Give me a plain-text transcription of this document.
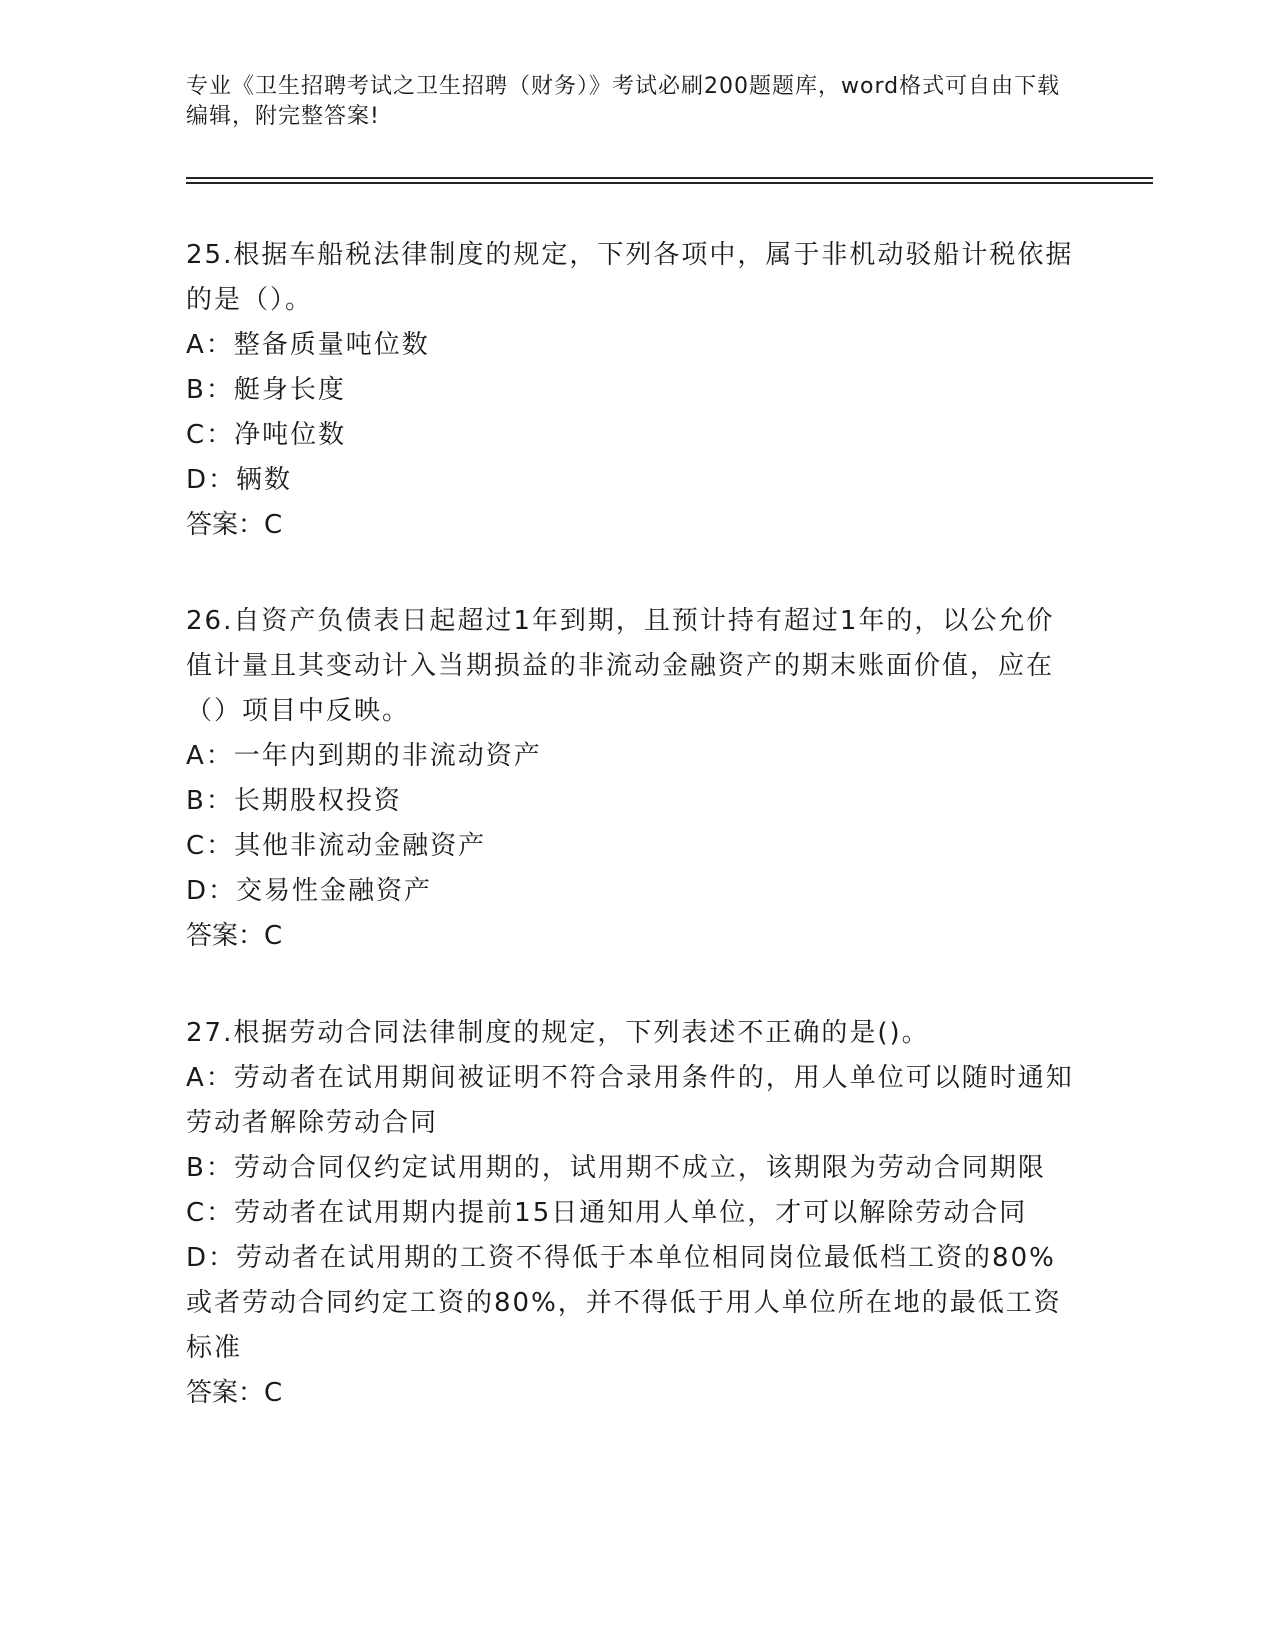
专业《卫生招聘考试之卫生招聘（财务）》考试必刷200题题库，word格式可自由下载编辑，附完整答案!

25.根据车船税法律制度的规定，下列各项中，属于非机动驳船计税依据的是（）。

A：整备质量吨位数

B：艇身长度

C：净吨位数

D：辆数

答案：C

26.自资产负债表日起超过1年到期，且预计持有超过1年的，以公允价值计量且其变动计入当期损益的非流动金融资产的期末账面价值，应在（）项目中反映。

A：一年内到期的非流动资产

B：长期股权投资

C：其他非流动金融资产

D：交易性金融资产

答案：C

27.根据劳动合同法律制度的规定，下列表述不正确的是()。

A：劳动者在试用期间被证明不符合录用条件的，用人单位可以随时通知劳动者解除劳动合同

B：劳动合同仅约定试用期的，试用期不成立，该期限为劳动合同期限

C：劳动者在试用期内提前15日通知用人单位，才可以解除劳动合同

D：劳动者在试用期的工资不得低于本单位相同岗位最低档工资的80%或者劳动合同约定工资的80%，并不得低于用人单位所在地的最低工资标准

答案：C
